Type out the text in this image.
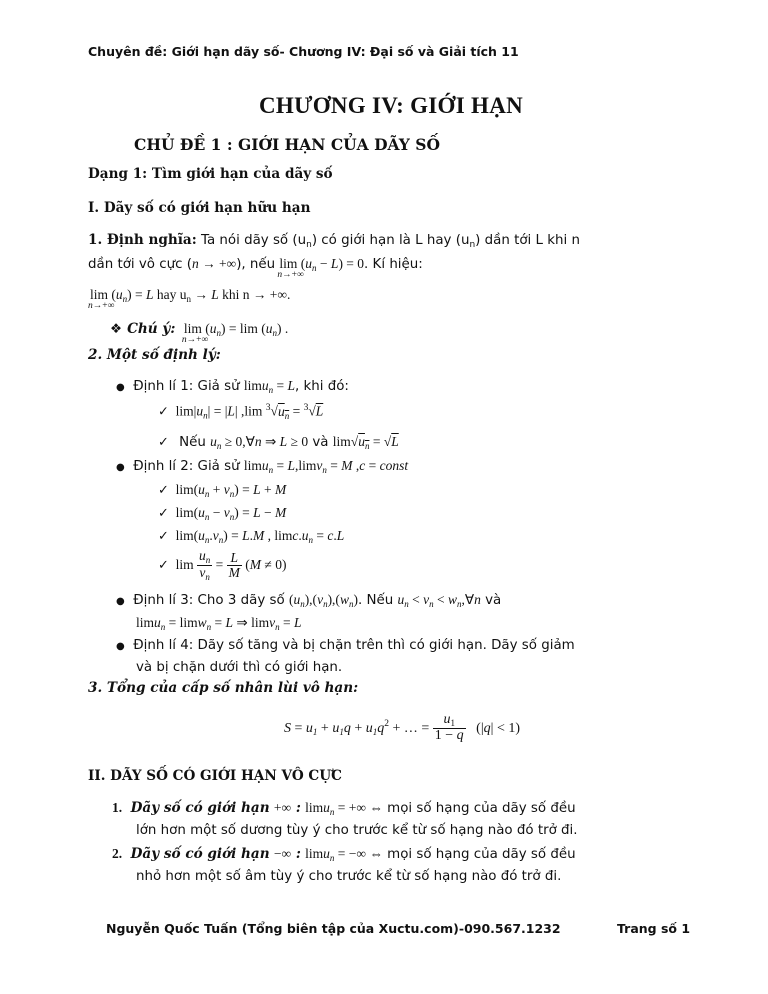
Chuyên đề: Giới hạn dãy số- Chương IV: Đại số và Giải tích 11
CHƯƠNG IV: GIỚI HẠN
CHỦ ĐỀ 1 : GIỚI HẠN CỦA DÃY SỐ
Dạng 1: Tìm giới hạn của dãy số
I. Dãy số có giới hạn hữu hạn
1. Định nghĩa: Ta nói dãy số $(u_n)$ có giới hạn là L hay $(u_n)$ dần tới L khi n
dần tới vô cực (n → +∞), nếu lim
n→+∞
$(u_n - L) = 0$. Kí hiệu:
lim
n→+∞
$(u_n) = L$ hay $u_n \to L$ khi n → +∞.
❖ Chú ý: lim
n→+∞
$(u_n) = \lim (u_n)$ .
2. Một số định lý:
● Định lí 1: Giả sử limu$_n$ = L, khi đó:
✓  $\lim|u_n| = |L|$ ,lim $^3√u_n = ^3√L$
✓ Nếu $u_n$ ≥ 0,∀n ⇒ L ≥ 0 và $\lim√u_n = √L$
● Định lí 2: Giả sử limu$_n$ = L,limv$_n$ = M ,c = const
✓  $\lim(u_n + v_n) = L + M$
✓  $\lim(u_n - v_n) = L - M$
✓  $\lim(u_n.v_n) = L.M$ , $\lim c.u_n = c.L$
✓  $\lim \frac{u_n}{v_n} = \frac{L}{M} (M \ne 0)$
● Định lí 3: Cho 3 dãy số $(u_n),(v_n),(w_n)$. Nếu $u_n < v_n$ < $w_n,\forall n$ và
limu$_n$ = limw$_n$ = L ⇒ limv$_n$ = L
● Định lí 4: Dãy số tăng và bị chặn trên thì có giới hạn. Dãy số giảm
và bị chặn dưới thì có giới hạn.
3. Tổng của cấp số nhân lùi vô hạn:
$S = u_1 + u_1q + u_1q^2$ + … = $\frac{u_1}{1 - q} (|q| < 1)$
II. DÃY SỐ CÓ GIỚI HẠN VÔ CỰC
1. Dãy số có giới hạn +∞ : limu$_n$ = +∞ ⇔ mọi số hạng của dãy số đều
lớn hơn một số dương tùy ý cho trước kể từ số hạng nào đó trở đi.
2. Dãy số có giới hạn −∞ : limu$_n$ = −∞ ⇔ mọi số hạng của dãy số đều
nhỏ hơn một số âm tùy ý cho trước kể từ số hạng nào đó trở đi.
Nguyễn Quốc Tuấn (Tổng biên tập của Xuctu.com)-090.567.1232	Trang số 1
